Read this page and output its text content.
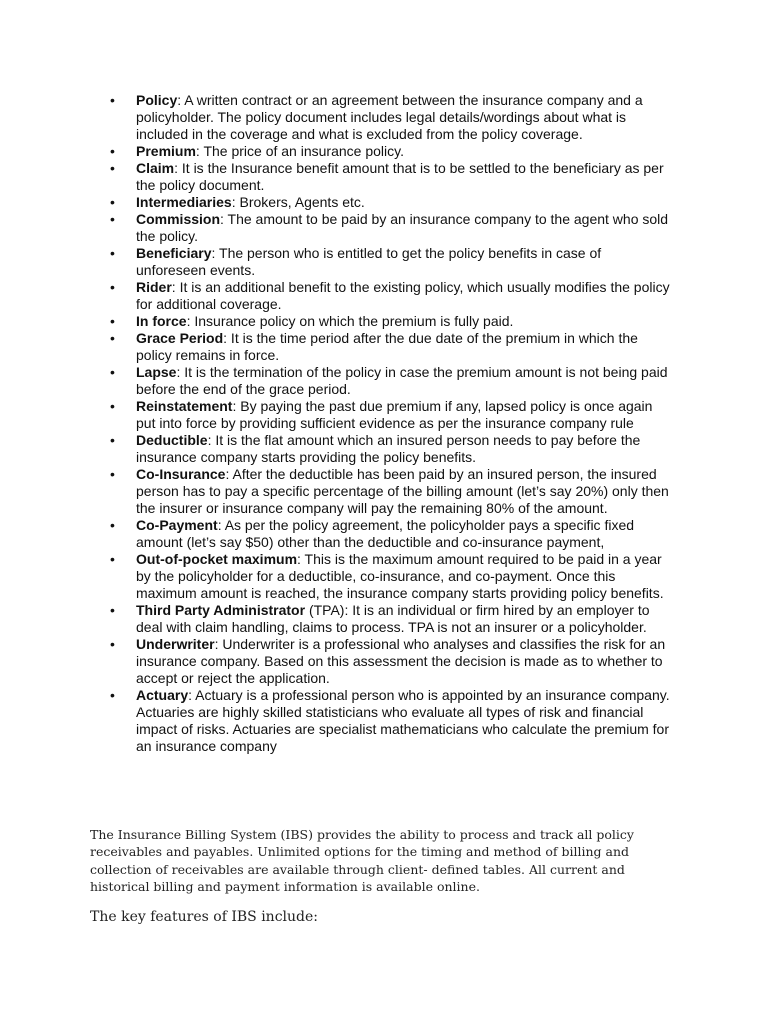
• Policy: A written contract or an agreement between the insurance company and a policyholder. The policy document includes legal details/wordings about what is included in the coverage and what is excluded from the policy coverage.
• Premium: The price of an insurance policy.
• Claim: It is the Insurance benefit amount that is to be settled to the beneficiary as per the policy document.
• Intermediaries: Brokers, Agents etc.
• Commission: The amount to be paid by an insurance company to the agent who sold the policy.
• Beneficiary: The person who is entitled to get the policy benefits in case of unforeseen events.
• Rider: It is an additional benefit to the existing policy, which usually modifies the policy for additional coverage.
• In force: Insurance policy on which the premium is fully paid.
• Grace Period: It is the time period after the due date of the premium in which the policy remains in force.
• Lapse: It is the termination of the policy in case the premium amount is not being paid before the end of the grace period.
• Reinstatement: By paying the past due premium if any, lapsed policy is once again put into force by providing sufficient evidence as per the insurance company rule
• Deductible: It is the flat amount which an insured person needs to pay before the insurance company starts providing the policy benefits.
• Co-Insurance: After the deductible has been paid by an insured person, the insured person has to pay a specific percentage of the billing amount (let’s say 20%) only then the insurer or insurance company will pay the remaining 80% of the amount.
• Co-Payment: As per the policy agreement, the policyholder pays a specific fixed amount (let’s say $50) other than the deductible and co-insurance payment,
• Out-of-pocket maximum: This is the maximum amount required to be paid in a year by the policyholder for a deductible, co-insurance, and co-payment. Once this maximum amount is reached, the insurance company starts providing policy benefits.
• Third Party Administrator (TPA): It is an individual or firm hired by an employer to deal with claim handling, claims to process. TPA is not an insurer or a policyholder.
• Underwriter: Underwriter is a professional who analyses and classifies the risk for an insurance company. Based on this assessment the decision is made as to whether to accept or reject the application.
• Actuary: Actuary is a professional person who is appointed by an insurance company. Actuaries are highly skilled statisticians who evaluate all types of risk and financial impact of risks. Actuaries are specialist mathematicians who calculate the premium for an insurance company

The Insurance Billing System (IBS) provides the ability to process and track all policy receivables and payables. Unlimited options for the timing and method of billing and collection of receivables are available through client- defined tables. All current and historical billing and payment information is available online.

The key features of IBS include:
